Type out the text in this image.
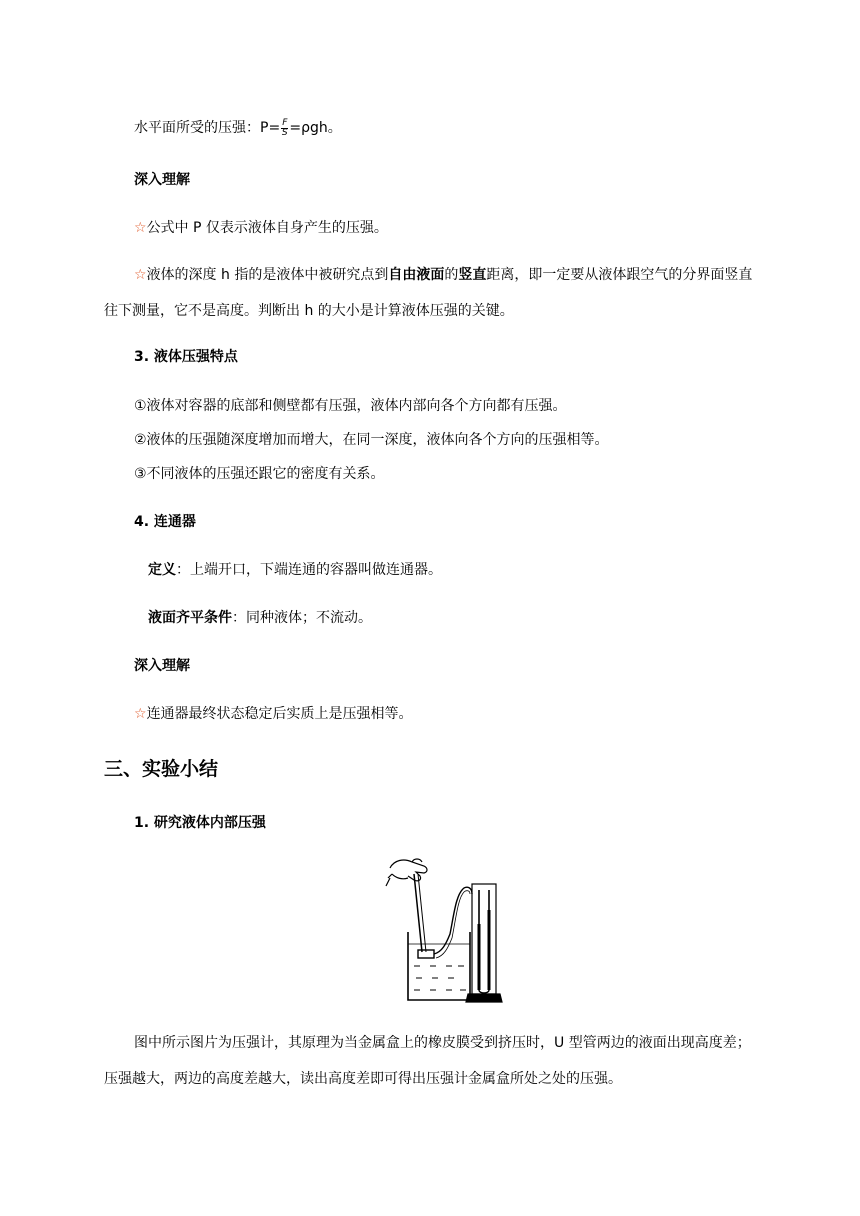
水平面所受的压强：$P= \frac{F}{S} =\rho gh$。
深入理解
☆公式中 P 仅表示液体自身产生的压强。
☆液体的深度 h 指的是液体中被研究点到自由液面的竖直距离，即一定要从液体跟空气的分界面竖直往下测量，它不是高度。判断出 h 的大小是计算液体压强的关键。
3. 液体压强特点
①液体对容器的底部和侧壁都有压强，液体内部向各个方向都有压强。
②液体的压强随深度增加而增大，在同一深度，液体向各个方向的压强相等。
③不同液体的压强还跟它的密度有关系。
4. 连通器
定义：上端开口，下端连通的容器叫做连通器。
液面齐平条件：同种液体；不流动。
深入理解
☆连通器最终状态稳定后实质上是压强相等。
三、实验小结
1. 研究液体内部压强
图中所示图片为压强计，其原理为当金属盒上的橡皮膜受到挤压时，U 型管两边的液面出现高度差；压强越大，两边的高度差越大，读出高度差即可得出压强计金属盒所处之处的压强。
